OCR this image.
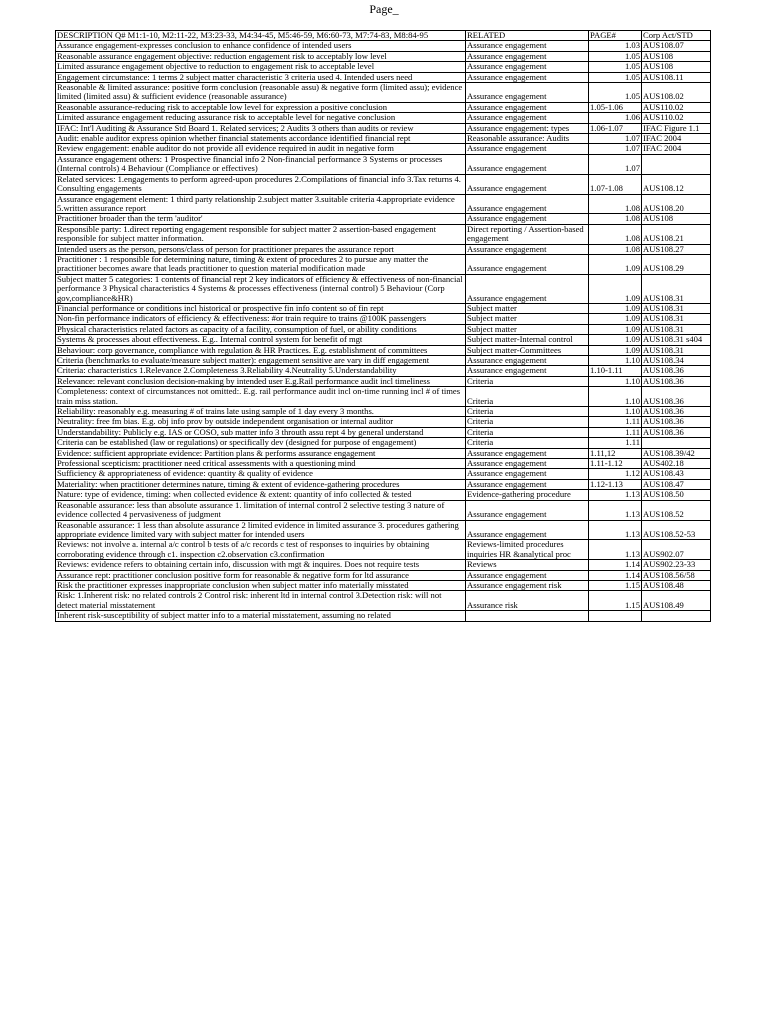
Page_
DESCRIPTION Q# M1:1-10, M2:11-22, M3:23-33, M4:34-45, M5:46-59, M6:60-73, M7:74-83, M8:84-95	RELATED	PAGE#	Corp Act/STD
Assurance engagement-expresses conclusion to enhance confidence of intended users	Assurance engagement	1.03	AUS108.07
Reasonable assurance engagement objective: reduction engagement risk to acceptably low level	Assurance engagement	1.05	AUS108
Limited assurance engagement objective to reduction to engagement risk to acceptable level	Assurance engagement	1.05	AUS108
Engagement circumstance: 1 terms 2 subject matter characteristic 3 criteria used 4. Intended users need	Assurance engagement	1.05	AUS108.11
Reasonable & limited assurance: positive form conclusion (reasonable assu) & negative form (limited assu); evidence limited (limited assu) & sufficient evidence (reasonable assurance)	Assurance engagement	1.05	AUS108.02
Reasonable assurance-reducing risk to acceptable low level for expression a positive conclusion	Assurance engagement	1.05-1.06	AUS110.02
Limited assurance engagement reducing assurance risk to acceptable level for negative conclusion	Assurance engagement	1.06	AUS110.02
IFAC: Int'l Auditing & Assurance Std Board 1. Related services; 2 Audits 3 others than audits or review	Assurance engagement: types	1.06-1.07	IFAC Figure 1.1
Audit: enable auditor express opinion whether financial statements accordance identified financial rept	Reasonable assurance: Audits	1.07	IFAC 2004
Review engagement: enable auditor do not provide all evidence required in audit in negative form	Assurance engagement	1.07	IFAC 2004
Assurance engagement others: 1 Prospective financial info 2 Non-financial performance 3 Systems or processes (Internal controls) 4 Behaviour (Compliance or effectives)	Assurance engagement	1.07	
Related services: 1.engagements to perform agreed-upon procedures 2.Compilations of financial info 3.Tax returns 4. Consulting engagements	Assurance engagement	1.07-1.08	AUS108.12
Assurance engagement element: 1 third party relationship 2.subject matter 3.suitable criteria 4.appropriate evidence 5.written assurance report	Assurance engagement	1.08	AUS108.20
Practitioner broader than the term 'auditor'	Assurance engagement	1.08	AUS108
Responsible party: 1.direct reporting engagement responsible for subject matter 2 assertion-based engagement responsible for subject matter information.	Direct reporting / Assertion-based engagement	1.08	AUS108.21
Intended users as the person, persons/class of person for practitioner prepares the assurance report	Assurance engagement	1.08	AUS108.27
Practitioner : 1 responsible for determining nature, timing & extent of procedures 2 to pursue any matter the practitioner becomes aware that leads practitioner to question material modification made	Assurance engagement	1.09	AUS108.29
Subject matter 5 categories: 1 contents of financial rept 2 key indicators of efficiency & effectiveness of non-financial performance 3 Physical characteristics 4 Systems & processes effectiveness (internal control) 5 Behaviour (Corp gov,compliance&HR)	Assurance engagement	1.09	AUS108.31
Financial performance or conditions incl historical or prospective fin info content so of fin rept	Subject matter	1.09	AUS108.31
Non-fin performance indicators of efficiency & effectiveness: #or train require to trains @100K passengers	Subject matter	1.09	AUS108.31
Physical characteristics related factors as capacity of a facility, consumption of fuel, or ability conditions	Subject matter	1.09	AUS108.31
Systems & processes about effectiveness. E.g.. Internal control system for benefit of mgt	Subject matter-Internal control	1.09	AUS108.31 s404
Behaviour: corp governance, compliance with regulation & HR Practices. E.g. establishment of committees	Subject matter-Committees	1.09	AUS108.31
Criteria (benchmarks to evaluate/measure subject matter): engagement sensitive are vary in diff engagement	Assurance engagement	1.10	AUS108.34
Criteria: characteristics 1.Relevance 2.Completeness 3.Reliability 4.Neutrality 5.Understandability	Assurance engagement	1.10-1.11	AUS108.36
Relevance: relevant conclusion decision-making by intended user E.g.Rail performance audit incl timeliness	Criteria	1.10	AUS108.36
Completeness: context of circumstances not omitted:. E.g. rail performance audit incl on-time running incl # of times train miss station.	Criteria	1.10	AUS108.36
Reliability: reasonably e.g. measuring # of trains late using sample of 1 day every 3 months.	Criteria	1.10	AUS108.36
Neutrality: free fm bias. E.g. obj info prov by outside independent organisation or internal auditor	Criteria	1.11	AUS108.36
Understandability: Publicly e.g. IAS or COSO, sub matter info 3 throuth assu rept 4 by general understand	Criteria	1.11	AUS108.36
Criteria can be established (law or regulations) or specifically dev (designed for purpose of engagement)	Criteria	1.11	
Evidence: sufficient appropriate evidence: Partition plans & performs assurance engagement	Assurance engagement	1.11,12	AUS108.39/42
Professional scepticism: practitioner need critical assessments with a questioning mind	Assurance engagement	1.11-1.12	AUS402.18
Sufficiency & appropriateness of evidence: quantity & quality of evidence	Assurance engagement	1.12	AUS108.43
Materiality: when practitioner determines nature, timing & extent of evidence-gathering procedures	Assurance engagement	1.12-1.13	AUS108.47
Nature: type of evidence, timing: when collected evidence & extent: quantity of info collected & tested	Evidence-gathering procedure	1.13	AUS108.50
Reasonable assurance: less than absolute assurance 1. limitation of internal control 2 selective testing 3 nature of evidence collected 4 pervasiveness of judgment	Assurance engagement	1.13	AUS108.52
Reasonable assurance: 1 less than absolute assurance 2 limited evidence in limited assurance 3. procedures gathering appropriate evidence limited vary with subject matter for intended users	Assurance engagement	1.13	AUS108.52-53
Reviews: not involve a. internal a/c control b tests of a/c records c test of responses to inquiries by obtaining corroborating evidence through c1. inspection c2.observation c3.confirmation	Reviews-limited procedures inquiries HR &analytical proc	1.13	AUS902.07
Reviews: evidence refers to obtaining certain info, discussion with mgt & inquires. Does not require tests	Reviews	1.14	AUS902.23-33
Assurance rept: practitioner conclusion positive form for reasonable & negative form for ltd assurance	Assurance engagement	1.14	AUS108.56/58
Risk the practitioner expresses inappropriate conclusion when subject matter info materially misstated	Assurance engagement risk	1.15	AUS108.48
Risk: 1.Inherent risk: no related controls 2 Control risk: inherent ltd in internal control 3.Detection risk: will not detect material misstatement	Assurance risk	1.15	AUS108.49
Inherent risk-susceptibility of subject matter info to a material misstatement, assuming no related			
